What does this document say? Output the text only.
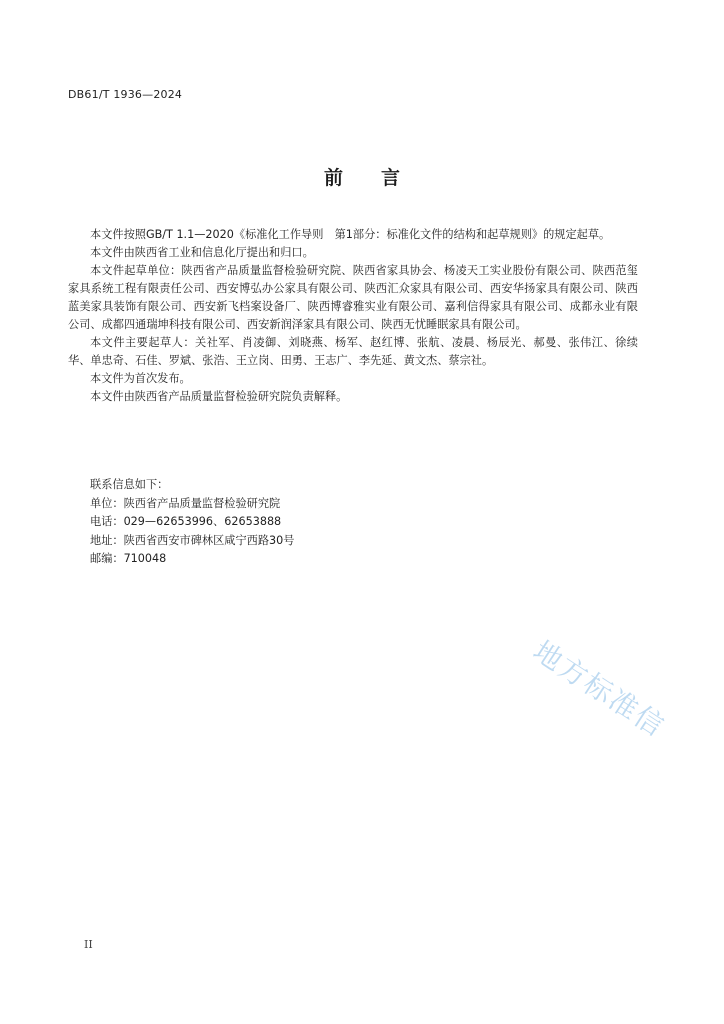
DB61/T 1936—2024
前　　言

本文件按照GB/T 1.1—2020《标准化工作导则　第1部分：标准化文件的结构和起草规则》的规定起草。

本文件由陕西省工业和信息化厅提出和归口。

本文件起草单位：陕西省产品质量监督检验研究院、陕西省家具协会、杨凌天工实业股份有限公司、陕西范玺家具系统工程有限责任公司、西安博弘办公家具有限公司、陕西汇众家具有限公司、西安华扬家具有限公司、陕西蓝美家具装饰有限公司、西安新飞档案设备厂、陕西博睿雅实业有限公司、嘉利信得家具有限公司、成都永业有限公司、成都四通瑞坤科技有限公司、西安新润泽家具有限公司、陕西无忧睡眠家具有限公司。

本文件主要起草人：关社军、肖凌御、刘晓燕、杨军、赵红博、张航、凌晨、杨辰光、郝曼、张伟江、徐续华、单忠奇、石佳、罗斌、张浩、王立岗、田勇、王志广、李先延、黄文杰、蔡宗社。

本文件为首次发布。

本文件由陕西省产品质量监督检验研究院负责解释。

联系信息如下：
单位：陕西省产品质量监督检验研究院
电话：029—62653996、62653888
地址：陕西省西安市碑林区咸宁西路30号
邮编：710048
地方标准信
II
